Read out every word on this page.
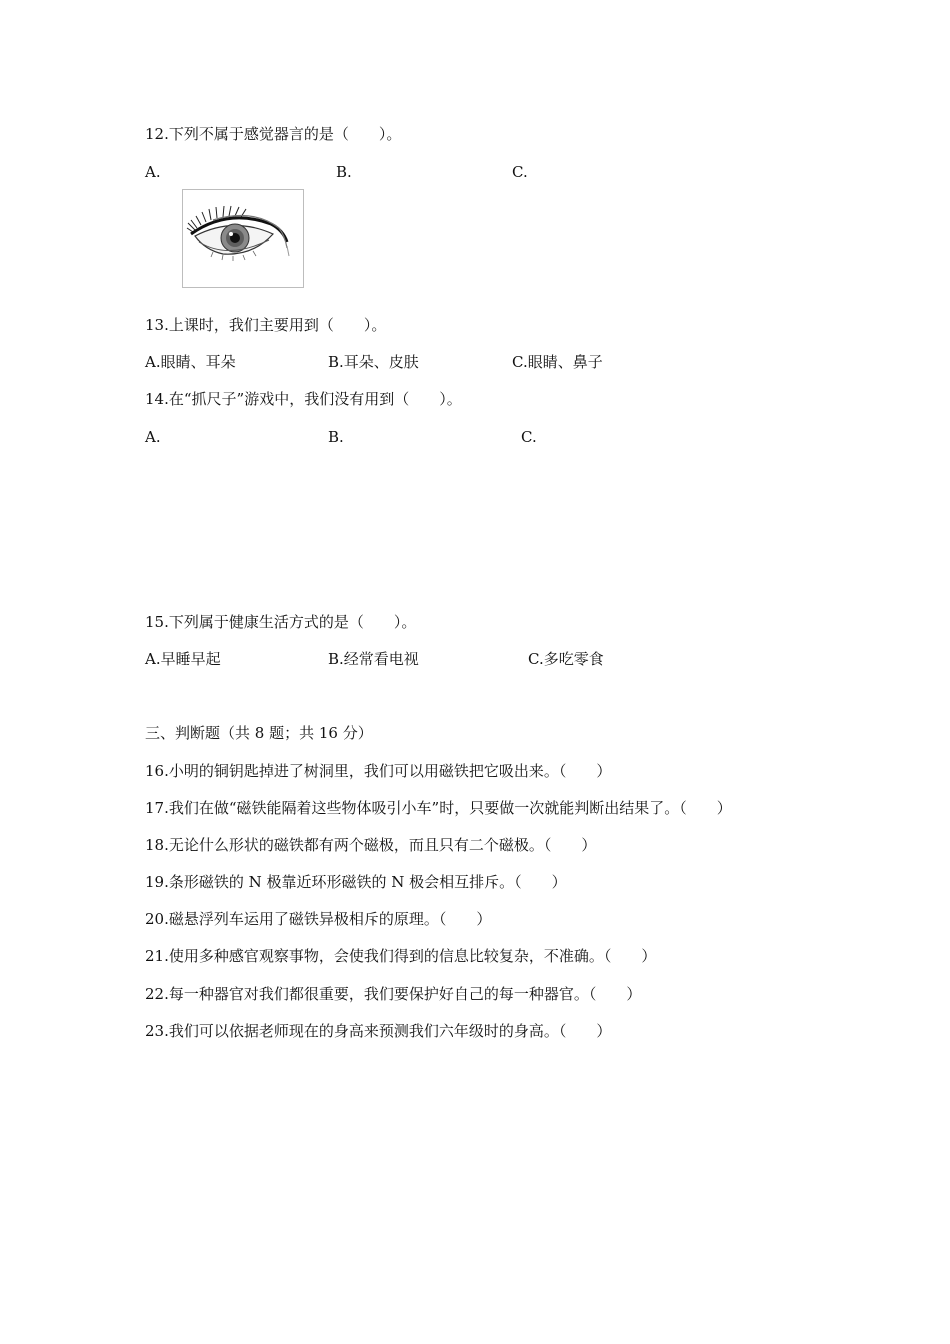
12.下列不属于感觉器言的是（　　）。
A.	B.	C.
13.上课时，我们主要用到（　　）。
A.眼睛、耳朵	B.耳朵、皮肤	C.眼睛、鼻子
14.在“抓尺子”游戏中，我们没有用到（　　）。
A.	B.	C.
15.下列属于健康生活方式的是（　　）。
A.早睡早起	B.经常看电视	C.多吃零食
三、判断题（共 8 题；共 16 分）
16.小明的铜钥匙掉进了树洞里，我们可以用磁铁把它吸出来。（　　）
17.我们在做“磁铁能隔着这些物体吸引小车”时，只要做一次就能判断出结果了。（　　）
18.无论什么形状的磁铁都有两个磁极，而且只有二个磁极。（　　）
19.条形磁铁的 N 极靠近环形磁铁的 N 极会相互排斥。（　　）
20.磁悬浮列车运用了磁铁异极相斥的原理。（　　）
21.使用多种感官观察事物，会使我们得到的信息比较复杂，不准确。（　　）
22.每一种器官对我们都很重要，我们要保护好自己的每一种器官。（　　）
23.我们可以依据老师现在的身高来预测我们六年级时的身高。（　　）
